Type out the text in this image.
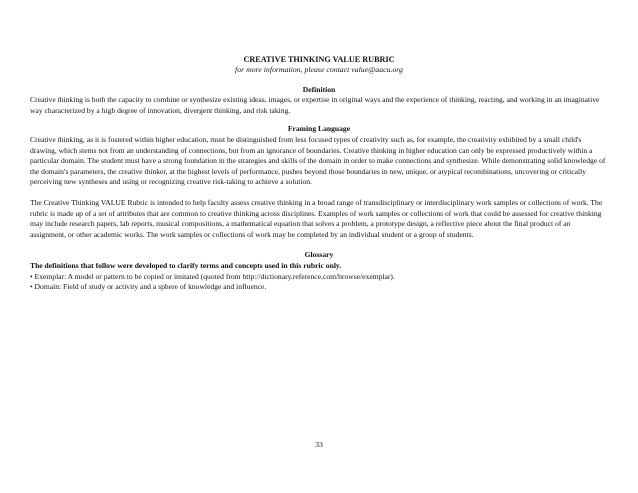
CREATIVE THINKING VALUE RUBRIC
for more information, please contact value@aacu.org
Definition

Creative thinking is both the capacity to combine or synthesize existing ideas, images, or expertise in original ways and the experience of thinking, reacting, and working in an imaginative way characterized by a high degree of innovation, divergent thinking, and risk taking.

Framing Language

Creative thinking, as it is fostered within higher education, must be distinguished from less focused types of creativity such as, for example, the creativity exhibited by a small child's drawing, which stems not from an understanding of connections, but from an ignorance of boundaries. Creative thinking in higher education can only be expressed productively within a particular domain. The student must have a strong foundation in the strategies and skills of the domain in order to make connections and synthesize. While demonstrating solid knowledge of the domain's parameters, the creative thinker, at the highest levels of performance, pushes beyond those boundaries in new, unique, or atypical recombinations, uncovering or critically perceiving new syntheses and using or recognizing creative risk-taking to achieve a solution.

The Creative Thinking VALUE Rubric is intended to help faculty assess creative thinking in a broad range of transdisciplinary or interdisciplinary work samples or collections of work. The rubric is made up of a set of attributes that are common to creative thinking across disciplines. Examples of work samples or collections of work that could be assessed for creative thinking may include research papers, lab reports, musical compositions, a mathematical equation that solves a problem, a prototype design, a reflective piece about the final product of an assignment, or other academic works. The work samples or collections of work may be completed by an individual student or a group of students.

Glossary

The definitions that follow were developed to clarify terms and concepts used in this rubric only.

• Exemplar: A model or pattern to be copied or imitated (quoted from http://dictionary.reference.com/browse/exemplar).

• Domain: Field of study or activity and a sphere of knowledge and influence.

33
